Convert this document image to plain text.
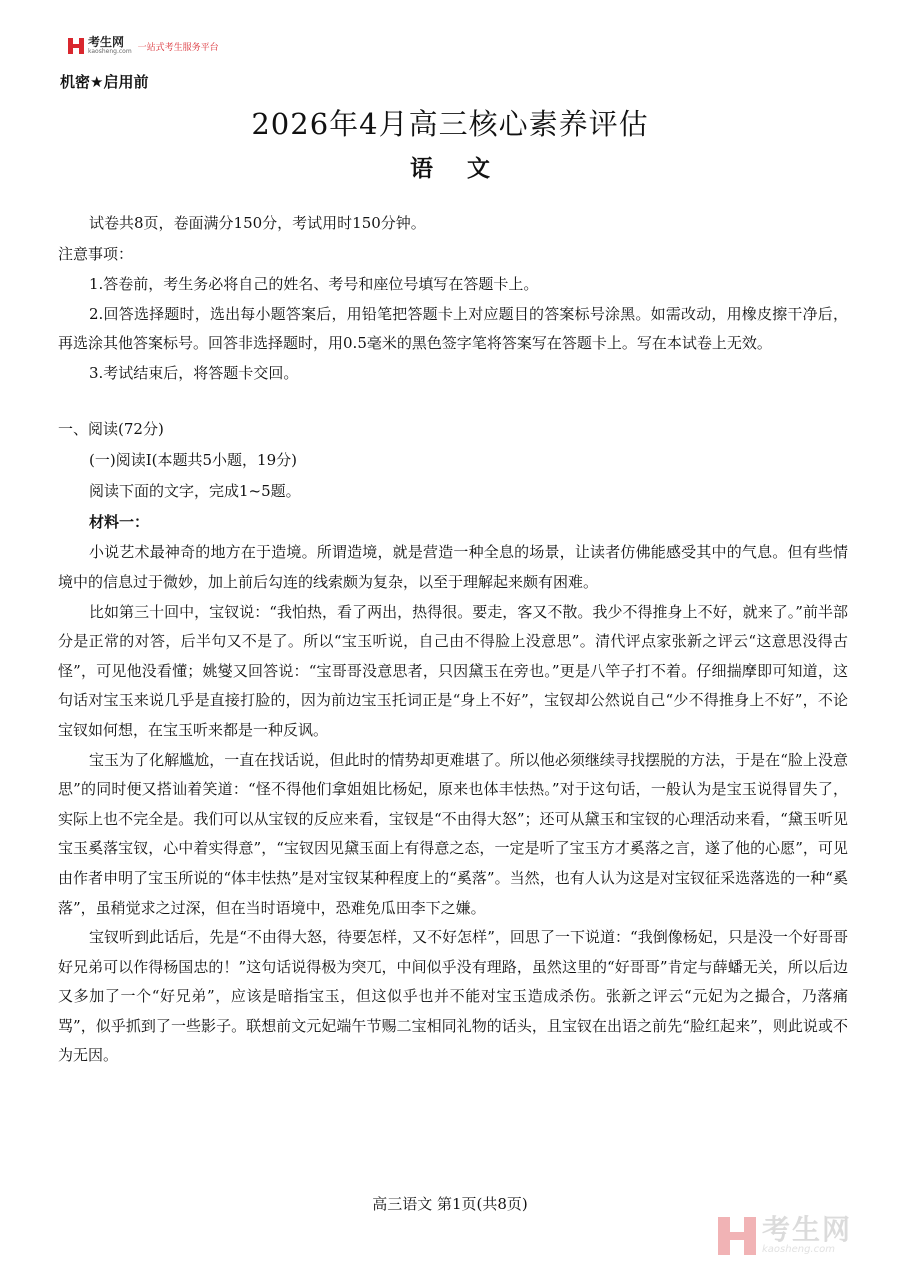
考生网
kaosheng.com 一站式考生服务平台
机密★启用前
2026年4月高三核心素养评估
语文
试卷共8页，卷面满分150分，考试用时150分钟。
注意事项：
1.答卷前，考生务必将自己的姓名、考号和座位号填写在答题卡上。
2.回答选择题时，选出每小题答案后，用铅笔把答题卡上对应题目的答案标号涂黑。如需改动，用橡皮擦干净后，再选涂其他答案标号。回答非选择题时，用0.5毫米的黑色签字笔将答案写在答题卡上。写在本试卷上无效。
3.考试结束后，将答题卡交回。
一、阅读(72分)
(一)阅读Ⅰ(本题共5小题，19分)
阅读下面的文字，完成1~5题。
材料一：
小说艺术最神奇的地方在于造境。所谓造境，就是营造一种全息的场景，让读者仿佛能感受其中的气息。但有些情境中的信息过于微妙，加上前后勾连的线索颇为复杂，以至于理解起来颇有困难。
比如第三十回中，宝钗说：“我怕热，看了两出，热得很。要走，客又不散。我少不得推身上不好，就来了。”前半部分是正常的对答，后半句又不是了。所以“宝玉听说，自己由不得脸上没意思”。清代评点家张新之评云“这意思没得古怪”，可见他没看懂；姚燮又回答说：“宝哥哥没意思者，只因黛玉在旁也。”更是八竿子打不着。仔细揣摩即可知道，这句话对宝玉来说几乎是直接打脸的，因为前边宝玉托词正是“身上不好”，宝钗却公然说自己“少不得推身上不好”，不论宝钗如何想，在宝玉听来都是一种反讽。
宝玉为了化解尴尬，一直在找话说，但此时的情势却更难堪了。所以他必须继续寻找摆脱的方法，于是在“脸上没意思”的同时便又搭讪着笑道：“怪不得他们拿姐姐比杨妃，原来也体丰怯热。”对于这句话，一般认为是宝玉说得冒失了，实际上也不完全是。我们可以从宝钗的反应来看，宝钗是“不由得大怒”；还可从黛玉和宝钗的心理活动来看，“黛玉听见宝玉奚落宝钗，心中着实得意”，“宝钗因见黛玉面上有得意之态，一定是听了宝玉方才奚落之言，遂了他的心愿”，可见由作者申明了宝玉所说的“体丰怯热”是对宝钗某种程度上的“奚落”。当然，也有人认为这是对宝钗征采选落选的一种“奚落”，虽稍觉求之过深，但在当时语境中，恐难免瓜田李下之嫌。
宝钗听到此话后，先是“不由得大怒，待要怎样，又不好怎样”，回思了一下说道：“我倒像杨妃，只是没一个好哥哥好兄弟可以作得杨国忠的！”这句话说得极为突兀，中间似乎没有理路，虽然这里的“好哥哥”肯定与薛蟠无关，所以后边又多加了一个“好兄弟”，应该是暗指宝玉，但这似乎也并不能对宝玉造成杀伤。张新之评云“元妃为之撮合，乃落痛骂”，似乎抓到了一些影子。联想前文元妃端午节赐二宝相同礼物的话头，且宝钗在出语之前先“脸红起来”，则此说或不为无因。
高三语文 第1页(共8页)
考生网
kaosheng.com
